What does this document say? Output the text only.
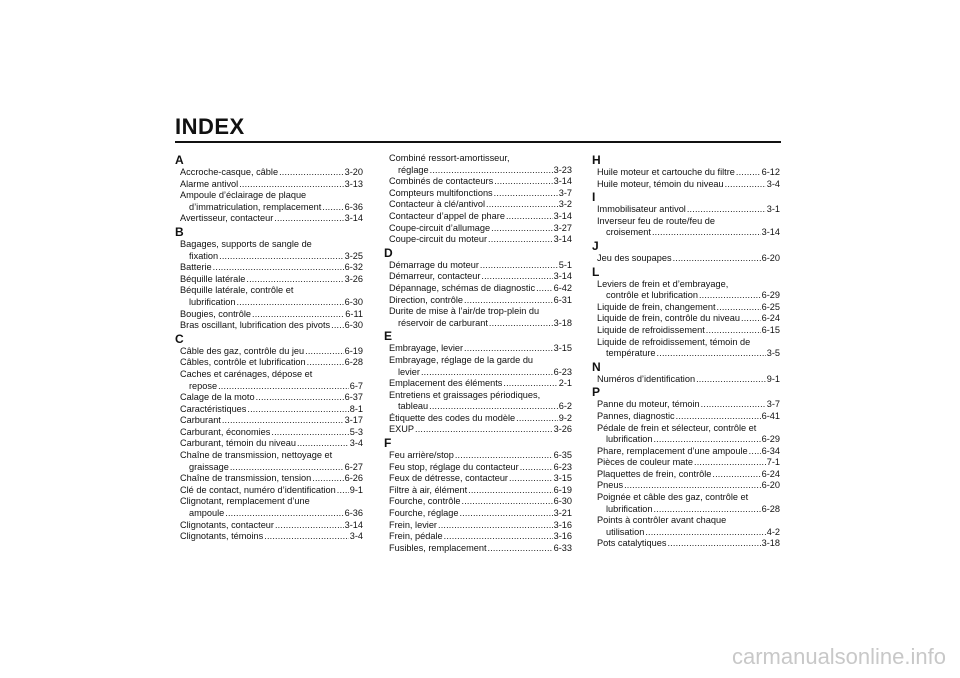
INDEX
A
Accroche-casque, câble .....	3-20
Alarme antivol .....	3-13
Ampoule d’éclairage de plaque
d’immatriculation, remplacement .....	6-36
Avertisseur, contacteur .....	3-14
B
Bagages, supports de sangle de
fixation .....	3-25
Batterie .....	6-32
Béquille latérale .....	3-26
Béquille latérale, contrôle et
lubrification .....	6-30
Bougies, contrôle .....	6-11
Bras oscillant, lubrification des pivots ..... 6-30
C
Câble des gaz, contrôle du jeu .....	6-19
Câbles, contrôle et lubrification .....	6-28
Caches et carénages, dépose et
repose .....	6-7
Calage de la moto .....	6-37
Caractéristiques .....	8-1
Carburant .....	3-17
Carburant, économies .....	5-3
Carburant, témoin du niveau .....	3-4
Chaîne de transmission, nettoyage et
graissage .....	6-27
Chaîne de transmission, tension .....	6-26
Clé de contact, numéro d’identification ..... 9-1
Clignotant, remplacement d’une
ampoule .....	6-36
Clignotants, contacteur .....	3-14
Clignotants, témoins .....	3-4
Combiné ressort-amortisseur,
réglage .....	3-23
Combinés de contacteurs .....	3-14
Compteurs multifonctions .....	3-7
Contacteur à clé/antivol .....	3-2
Contacteur d’appel de phare .....	3-14
Coupe-circuit d’allumage .....	3-27
Coupe-circuit du moteur .....	3-14
D
Démarrage du moteur .....	5-1
Démarreur, contacteur .....	3-14
Dépannage, schémas de diagnostic ..... 6-42
Direction, contrôle .....	6-31
Durite de mise à l’air/de trop-plein du
réservoir de carburant .....	3-18
E
Embrayage, levier .....	3-15
Embrayage, réglage de la garde du
levier .....	6-23
Emplacement des éléments .....	2-1
Entretiens et graissages périodiques,
tableau .....	6-2
Étiquette des codes du modèle .....	9-2
EXUP .....	3-26
F
Feu arrière/stop .....	6-35
Feu stop, réglage du contacteur .....	6-23
Feux de détresse, contacteur .....	3-15
Filtre à air, élément .....	6-19
Fourche, contrôle .....	6-30
Fourche, réglage .....	3-21
Frein, levier .....	3-16
Frein, pédale .....	3-16
Fusibles, remplacement .....	6-33
H
Huile moteur et cartouche du filtre .....	6-12
Huile moteur, témoin du niveau .....	3-4
I
Immobilisateur antivol .....	3-1
Inverseur feu de route/feu de
croisement .....	3-14
J
Jeu des soupapes .....	6-20
L
Leviers de frein et d’embrayage,
contrôle et lubrification .....	6-29
Liquide de frein, changement .....	6-25
Liquide de frein, contrôle du niveau ..... 6-24
Liquide de refroidissement .....	6-15
Liquide de refroidissement, témoin de
température .....	3-5
N
Numéros d’identification .....	9-1
P
Panne du moteur, témoin .....	3-7
Pannes, diagnostic .....	6-41
Pédale de frein et sélecteur, contrôle et
lubrification .....	6-29
Phare, remplacement d’une ampoule ..... 6-34
Pièces de couleur mate .....	7-1
Plaquettes de frein, contrôle .....	6-24
Pneus .....	6-20
Poignée et câble des gaz, contrôle et
lubrification .....	6-28
Points à contrôler avant chaque
utilisation .....	4-2
Pots catalytiques .....	3-18
carmanualsonline.info
